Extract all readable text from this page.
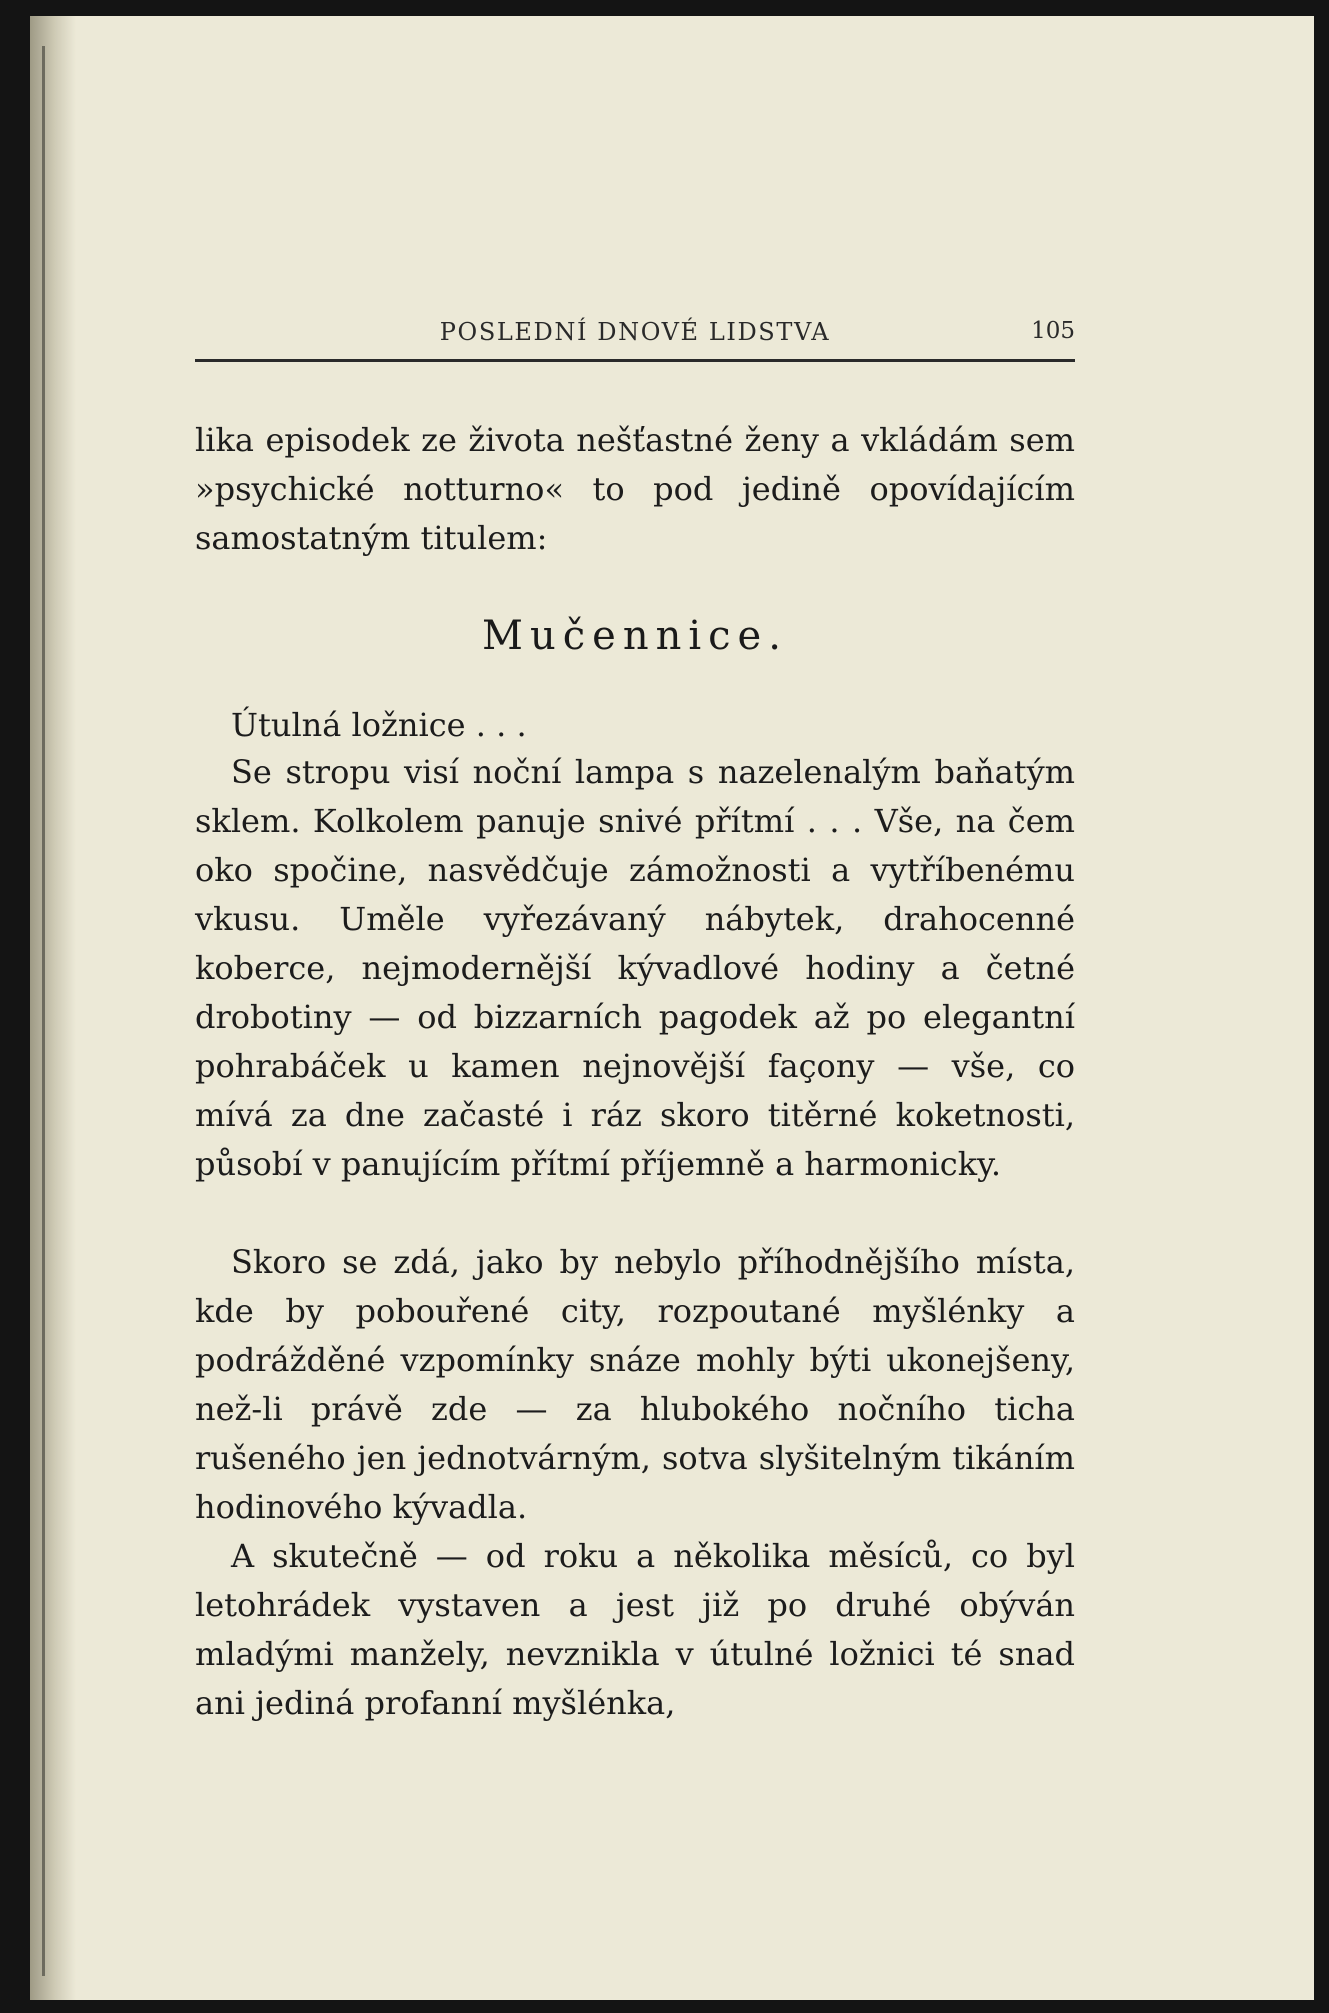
POSLEDNÍ DNOVÉ LIDSTVA	105

lika episodek ze života nešťastné ženy a vkládám sem »psychické notturno« to pod jedině opovídajícím samostatným titulem:

Mučennice.

Útulná ložnice . . .

Se stropu visí noční lampa s nazelenalým baňatým sklem. Kolkolem panuje snivé přítmí . . . Vše, na čem oko spočine, nasvědčuje zámožnosti a vytříbenému vkusu. Uměle vyřezávaný nábytek, drahocenné koberce, nejmodernější kývadlové hodiny a četné drobotiny — od bizzarních pagodek až po elegantní pohrabáček u kamen nejnovější façony — vše, co mívá za dne začasté i ráz skoro titěrné koketnosti, působí v panujícím přítmí příjemně a harmonicky.

Skoro se zdá, jako by nebylo příhodnějšího místa, kde by pobouřené city, rozpoutané myšlénky a podrážděné vzpomínky snáze mohly býti ukonejšeny, než-li právě zde — za hlubokého nočního ticha rušeného jen jednotvárným, sotva slyšitelným tikáním hodinového kývadla.

A skutečně — od roku a několika měsíců, co byl letohrádek vystaven a jest již po druhé obýván mladými manžely, nevznikla v útulné ložnici té snad ani jediná profanní myšlénka,
